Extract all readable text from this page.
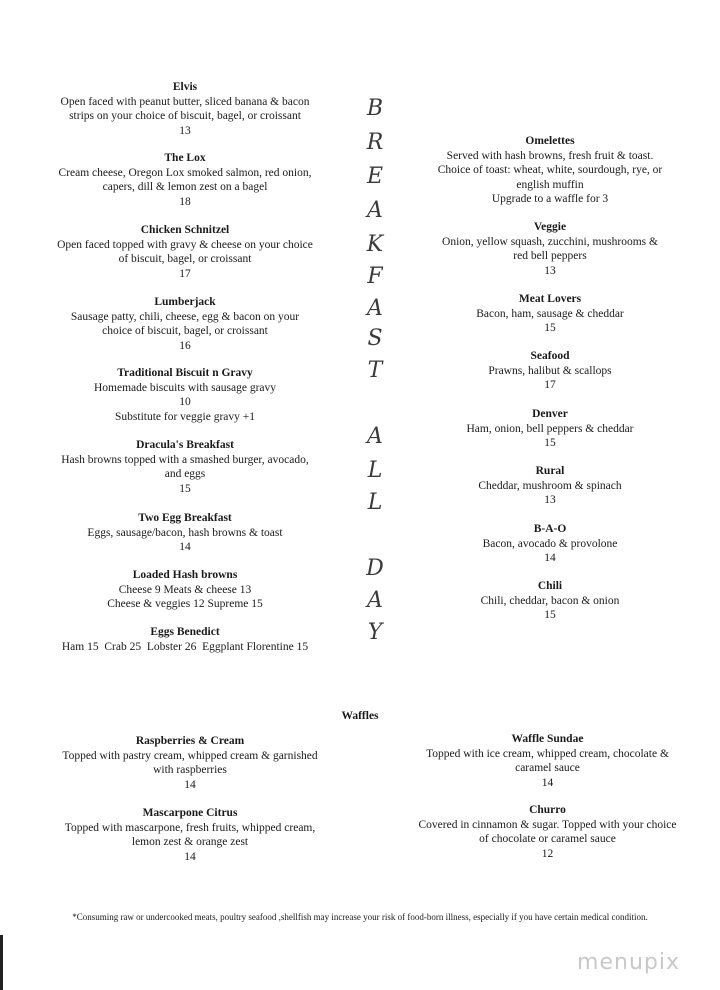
B
R
E
A
K
F
A
S
T
A
L
L
D
A
Y
Elvis
Open faced with peanut butter, sliced banana & bacon
strips on your choice of biscuit, bagel, or croissant
13
The Lox
Cream cheese, Oregon Lox smoked salmon, red onion,
capers, dill & lemon zest on a bagel
18
Chicken Schnitzel
Open faced topped with gravy & cheese on your choice
of biscuit, bagel, or croissant
17
Lumberjack
Sausage patty, chili, cheese, egg & bacon on your
choice of biscuit, bagel, or croissant
16
Traditional Biscuit n Gravy
Homemade biscuits with sausage gravy
10
Substitute for veggie gravy +1
Dracula's Breakfast
Hash browns topped with a smashed burger, avocado,
and eggs
15
Two Egg Breakfast
Eggs, sausage/bacon, hash browns & toast
14
Loaded Hash browns
Cheese 9 Meats & cheese 13
Cheese & veggies 12 Supreme 15
Eggs Benedict
Ham 15  Crab 25  Lobster 26  Eggplant Florentine 15
Omelettes
Served with hash browns, fresh fruit & toast.
Choice of toast: wheat, white, sourdough, rye, or
english muffin
Upgrade to a waffle for 3
Veggie
Onion, yellow squash, zucchini, mushrooms &
red bell peppers
13
Meat Lovers
Bacon, ham, sausage & cheddar
15
Seafood
Prawns, halibut & scallops
17
Denver
Ham, onion, bell peppers & cheddar
15
Rural
Cheddar, mushroom & spinach
13
B-A-O
Bacon, avocado & provolone
14
Chili
Chili, cheddar, bacon & onion
15
Waffles
Raspberries & Cream
Topped with pastry cream, whipped cream & garnished
with raspberries
14
Mascarpone Citrus
Topped with mascarpone, fresh fruits, whipped cream,
lemon zest & orange zest
14
Waffle Sundae
Topped with ice cream, whipped cream, chocolate &
caramel sauce
14
Churro
Covered in cinnamon & sugar. Topped with your choice
of chocolate or caramel sauce
12
*Consuming raw or undercooked meats, poultry seafood ,shellfish may increase your risk of food-born illness, especially if you have certain medical condition.
menupix
